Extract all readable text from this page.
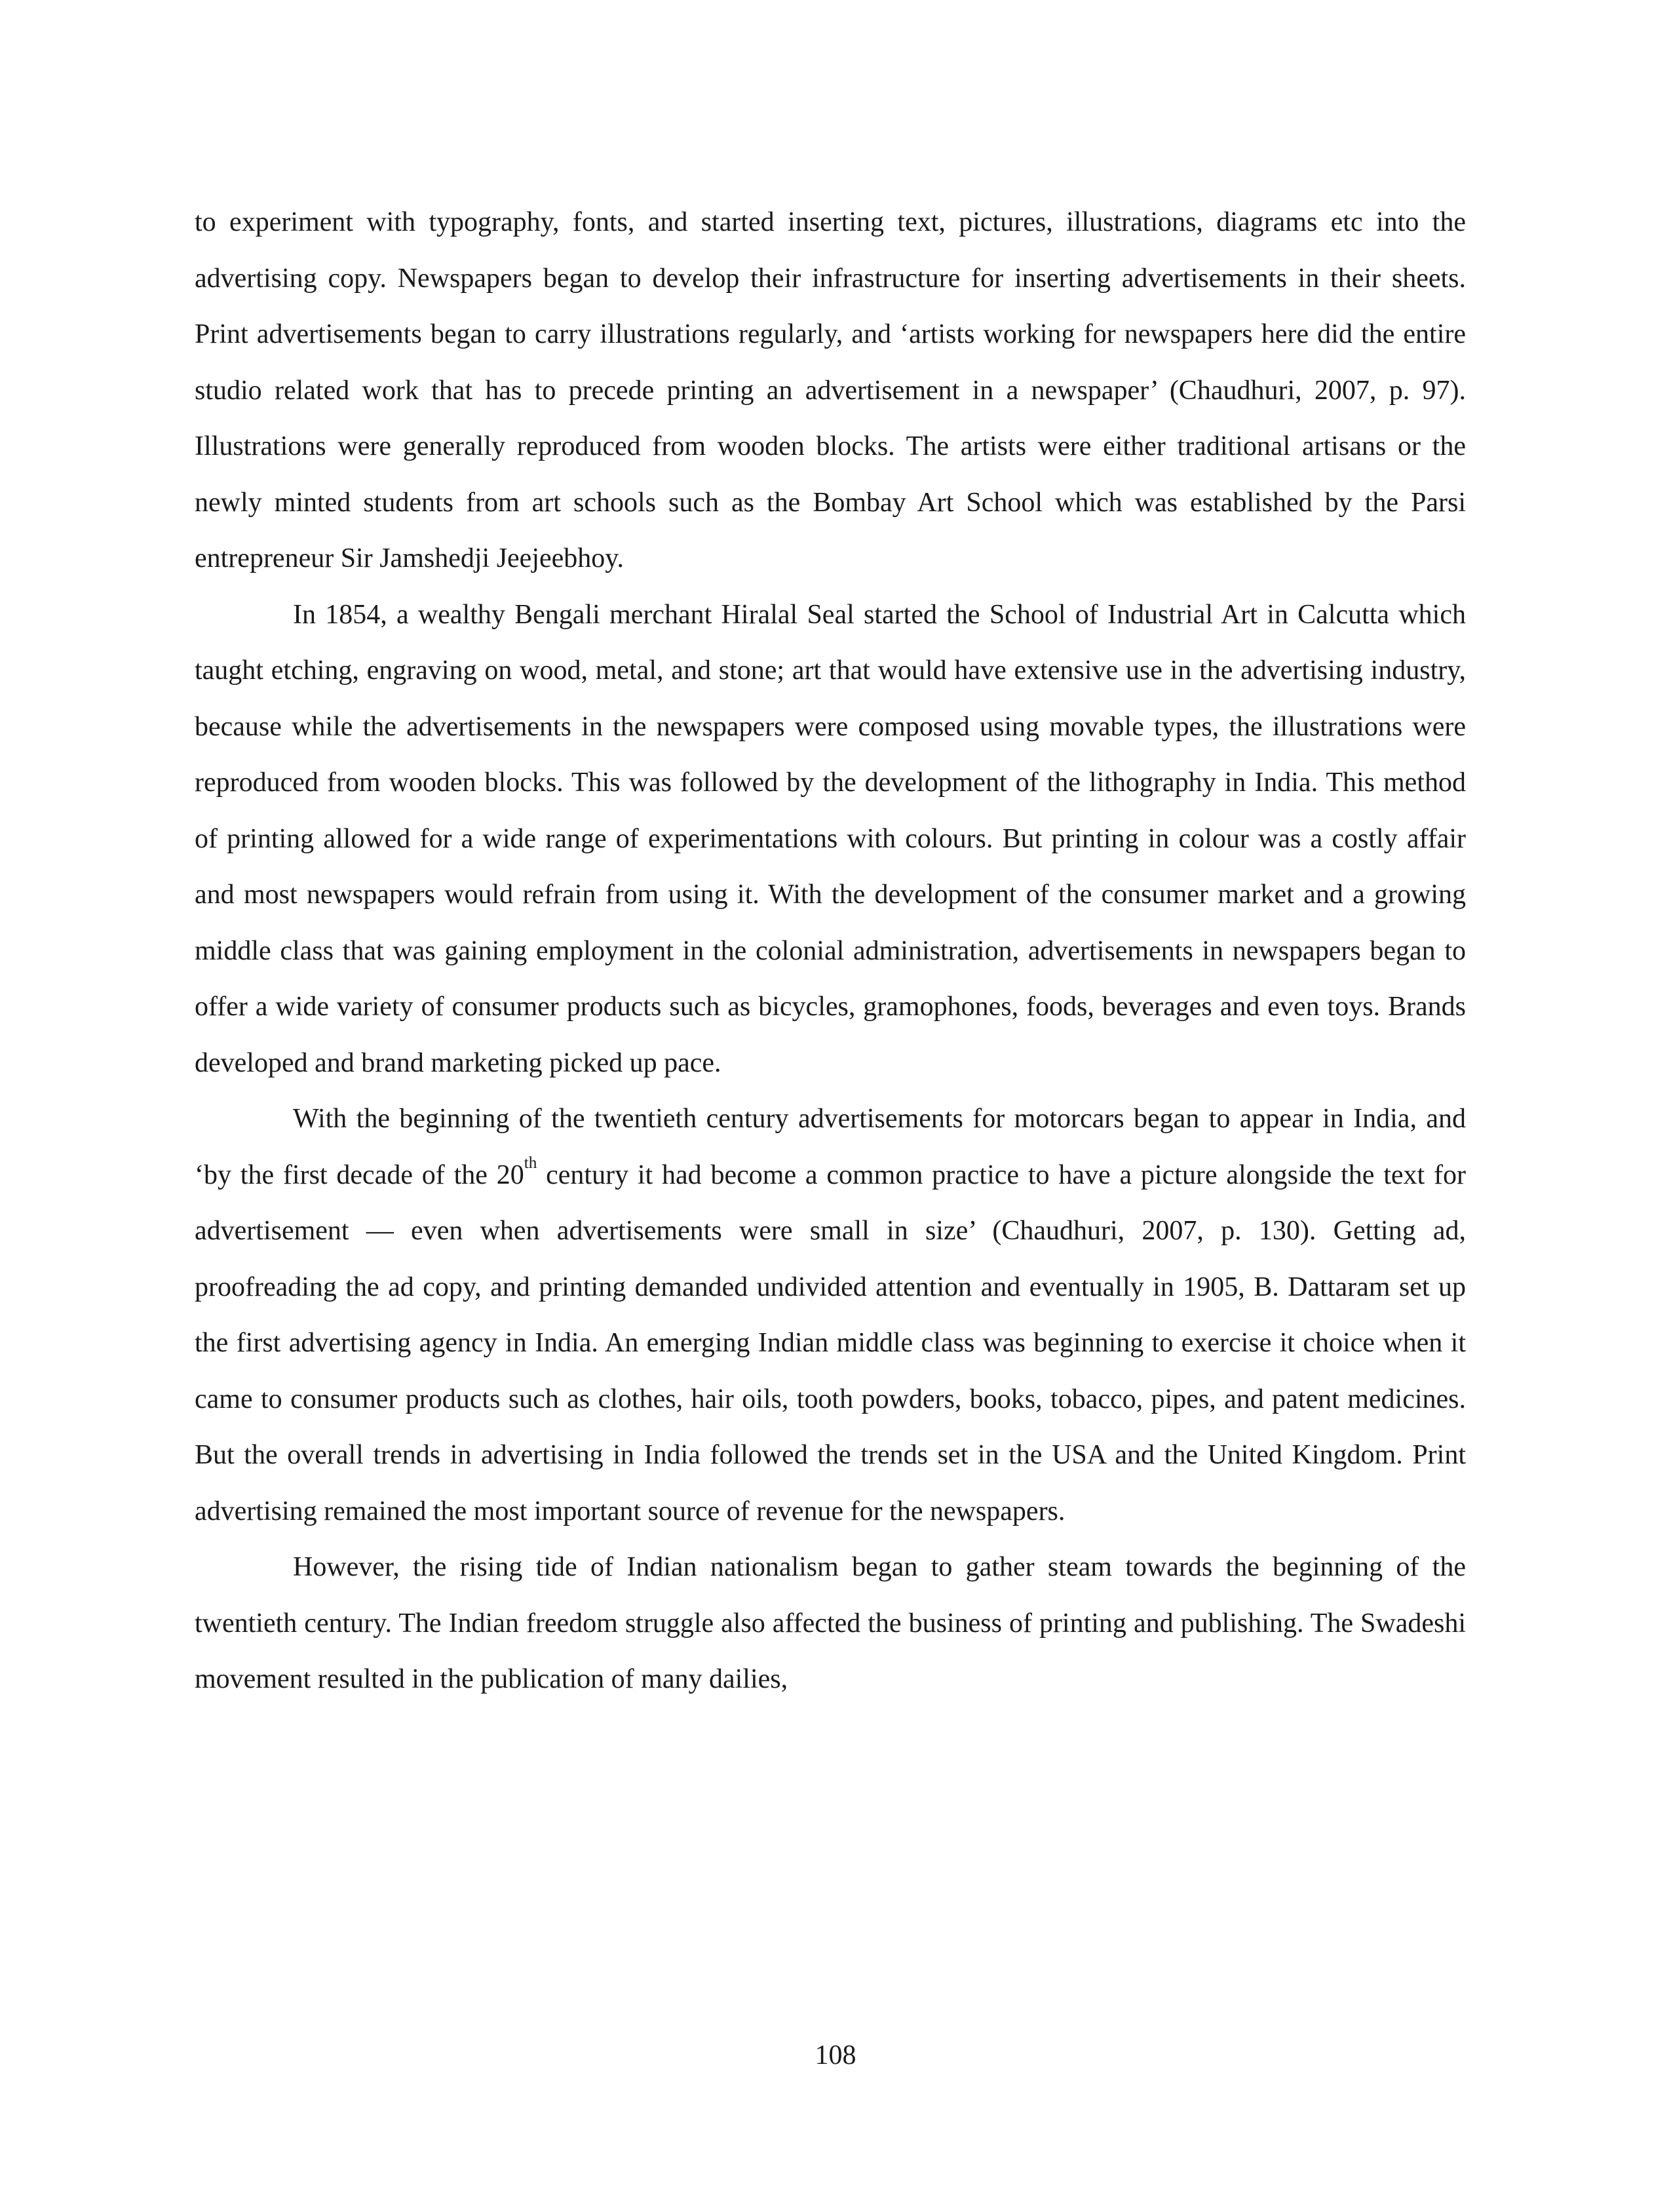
to experiment with typography, fonts, and started inserting text, pictures, illustrations, diagrams etc into the advertising copy. Newspapers began to develop their infrastructure for inserting advertisements in their sheets. Print advertisements began to carry illustrations regularly, and ‘artists working for newspapers here did the entire studio related work that has to precede printing an advertisement in a newspaper’ (Chaudhuri, 2007, p. 97). Illustrations were generally reproduced from wooden blocks. The artists were either traditional artisans or the newly minted students from art schools such as the Bombay Art School which was established by the Parsi entrepreneur Sir Jamshedji Jeejeebhoy.

In 1854, a wealthy Bengali merchant Hiralal Seal started the School of Industrial Art in Calcutta which taught etching, engraving on wood, metal, and stone; art that would have extensive use in the advertising industry, because while the advertisements in the newspapers were composed using movable types, the illustrations were reproduced from wooden blocks. This was followed by the development of the lithography in India. This method of printing allowed for a wide range of experimentations with colours. But printing in colour was a costly affair and most newspapers would refrain from using it. With the development of the consumer market and a growing middle class that was gaining employment in the colonial administration, advertisements in newspapers began to offer a wide variety of consumer products such as bicycles, gramophones, foods, beverages and even toys. Brands developed and brand marketing picked up pace.

With the beginning of the twentieth century advertisements for motorcars began to appear in India, and ‘by the first decade of the 20th century it had become a common practice to have a picture alongside the text for advertisement — even when advertisements were small in size’ (Chaudhuri, 2007, p. 130). Getting ad, proofreading the ad copy, and printing demanded undivided attention and eventually in 1905, B. Dattaram set up the first advertising agency in India. An emerging Indian middle class was beginning to exercise it choice when it came to consumer products such as clothes, hair oils, tooth powders, books, tobacco, pipes, and patent medicines. But the overall trends in advertising in India followed the trends set in the USA and the United Kingdom. Print advertising remained the most important source of revenue for the newspapers.

However, the rising tide of Indian nationalism began to gather steam towards the beginning of the twentieth century. The Indian freedom struggle also affected the business of printing and publishing. The Swadeshi movement resulted in the publication of many dailies,

108
